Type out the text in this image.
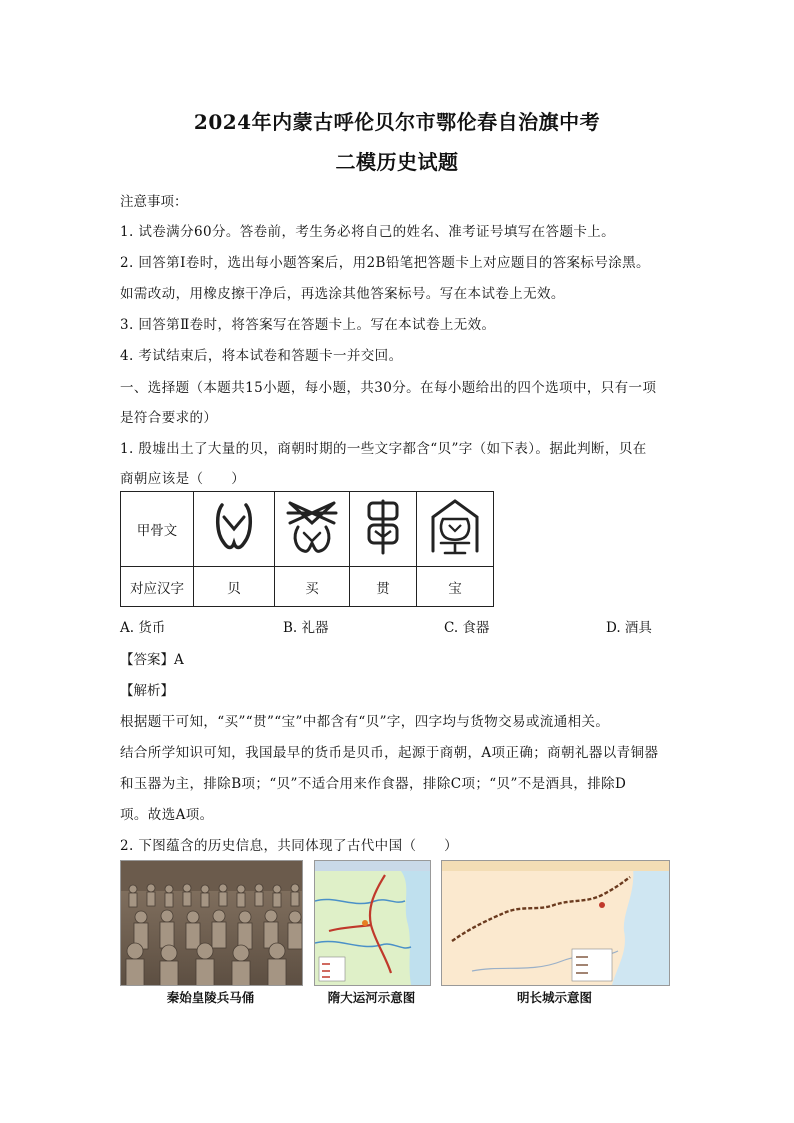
2024年内蒙古呼伦贝尔市鄂伦春自治旗中考
二模历史试题
注意事项：
1. 试卷满分60分。答卷前，考生务必将自己的姓名、准考证号填写在答题卡上。
2. 回答第Ⅰ卷时，选出每小题答案后，用2B铅笔把答题卡上对应题目的答案标号涂黑。
如需改动，用橡皮擦干净后，再选涂其他答案标号。写在本试卷上无效。
3. 回答第Ⅱ卷时，将答案写在答题卡上。写在本试卷上无效。
4. 考试结束后，将本试卷和答题卡一并交回。
一、选择题（本题共15小题，每小题，共30分。在每小题给出的四个选项中，只有一项
是符合要求的）
1. 殷墟出土了大量的贝，商朝时期的一些文字都含“贝”字（如下表）。据此判断，贝在
商朝应该是（　　）
甲骨文				
对应汉字	贝	买	贯	宝
A. 货币	B. 礼器	C. 食器	D. 酒具
【答案】A
【解析】
根据题干可知，“买”“贯”“宝”中都含有“贝”字，四字均与货物交易或流通相关。
结合所学知识可知，我国最早的货币是贝币，起源于商朝，A项正确；商朝礼器以青铜器
和玉器为主，排除B项；“贝”不适合用来作食器，排除C项；“贝”不是酒具，排除D
项。故选A项。
2. 下图蕴含的历史信息，共同体现了古代中国（　　）
秦始皇陵兵马俑	隋大运河示意图	明长城示意图
